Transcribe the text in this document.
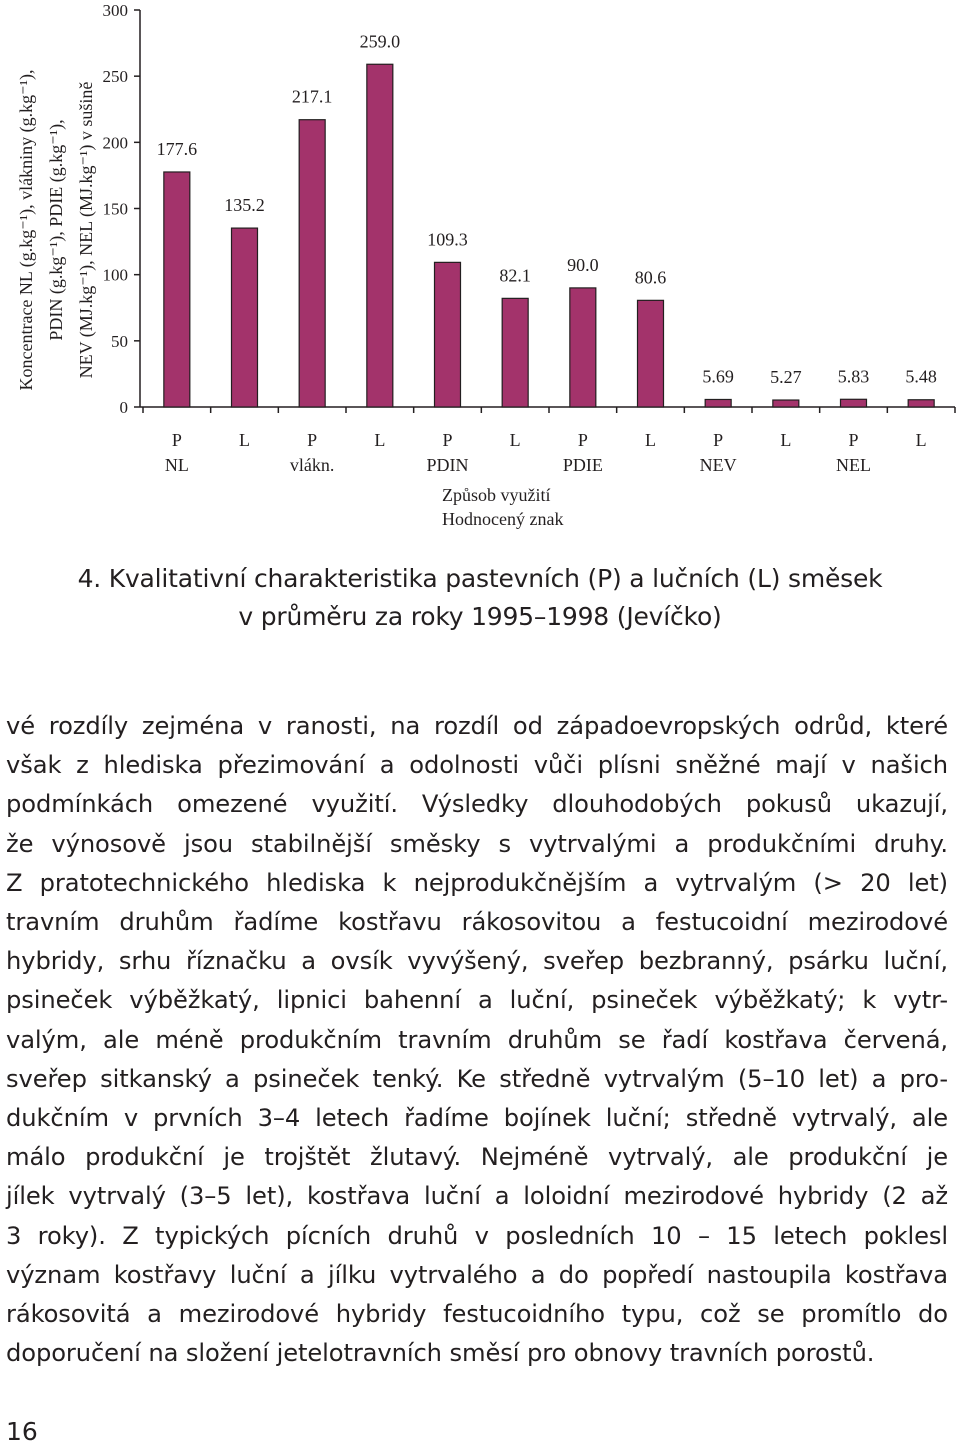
0
50
100
150
200
250
300
177.6
P
135.2
L
217.1
P
259.0
L
109.3
P
82.1
L
90.0
P
80.6
L
5.69
P
5.27
L
5.83
P
5.48
L
NL	vlákn.	PDIN	PDIE	NEV	NEL
Způsob využití
Hodnocený znak
Koncentrace NL (g.kg⁻¹), vlákniny (g.kg⁻¹), PDIN (g.kg⁻¹), PDIE (g.kg⁻¹), NEV (MJ.kg⁻¹), NEL (MJ.kg⁻¹) v sušině
4. Kvalitativní charakteristika pastevních (P) a lučních (L) směsek
v průměru za roky 1995–1998 (Jevíčko)
vé rozdíly zejména v ranosti, na rozdíl od západoevropských odrůd, které
však z hlediska přezimování a odolnosti vůči plísni sněžné mají v našich
podmínkách omezené využití. Výsledky dlouhodobých pokusů ukazují,
že výnosově jsou stabilnější směsky s vytrvalými a produkčními druhy.
Z pratotechnického hlediska k nejprodukčnějším a vytrvalým (> 20 let)
travním druhům řadíme kostřavu rákosovitou a festucoidní mezirodové
hybridy, srhu říznačku a ovsík vyvýšený, sveřep bezbranný, psárku luční,
psineček výběžkatý, lipnici bahenní a luční, psineček výběžkatý; k vytr-
valým, ale méně produkčním travním druhům se řadí kostřava červená,
sveřep sitkanský a psineček tenký. Ke středně vytrvalým (5–10 let) a pro-
dukčním v prvních 3–4 letech řadíme bojínek luční; středně vytrvalý, ale
málo produkční je trojštět žlutavý. Nejméně vytrvalý, ale produkční je
jílek vytrvalý (3–5 let), kostřava luční a loloidní mezirodové hybridy (2 až
3 roky). Z typických pícních druhů v posledních 10 – 15 letech poklesl
význam kostřavy luční a jílku vytrvalého a do popředí nastoupila kostřava
rákosovitá a mezirodové hybridy festucoidního typu, což se promítlo do
doporučení na složení jetelotravních směsí pro obnovy travních porostů.
16
